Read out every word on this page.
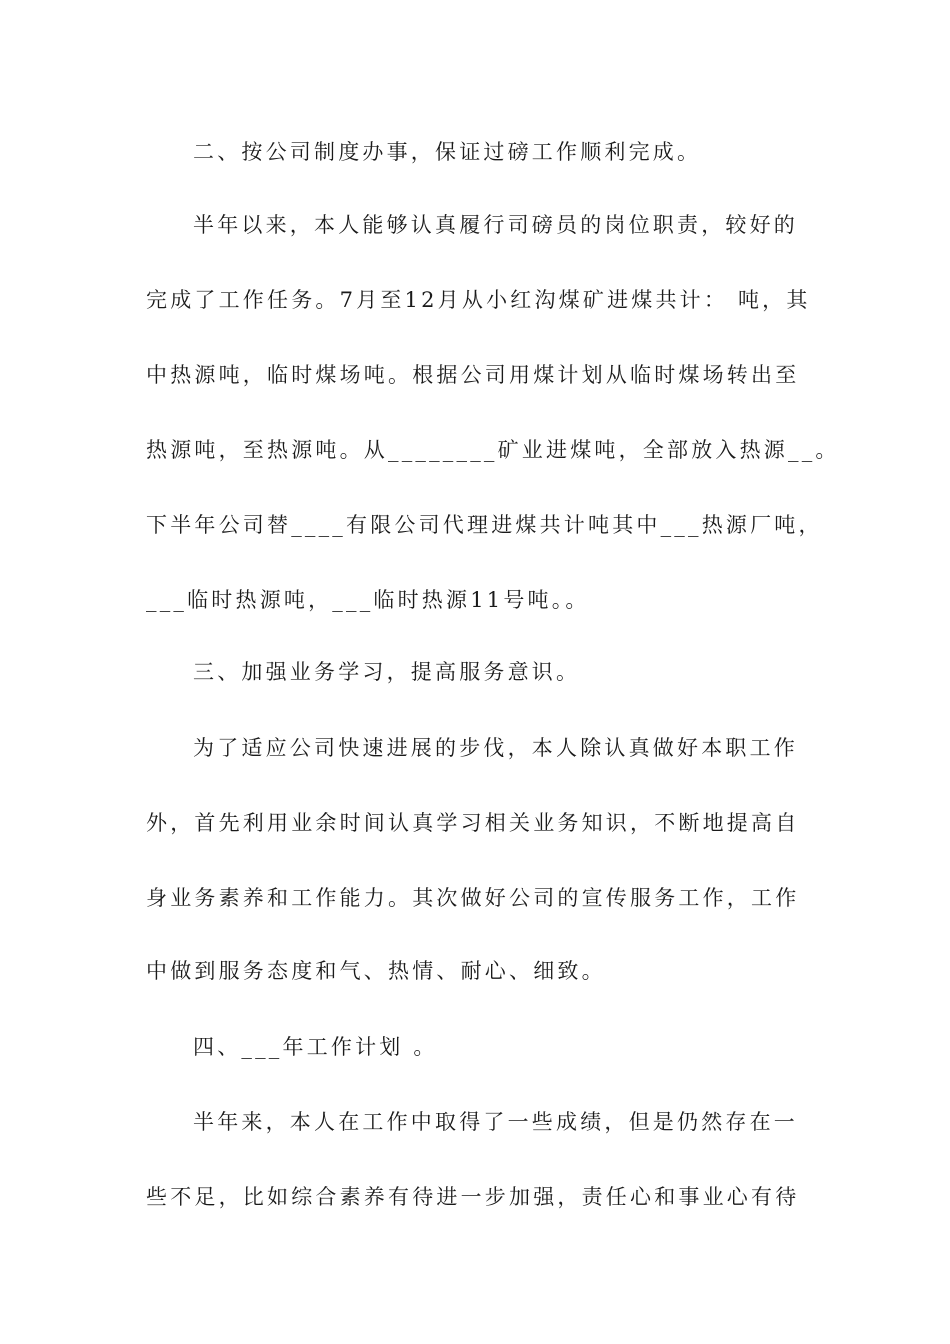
二、按公司制度办事，保证过磅工作顺利完成。
半年以来，本人能够认真履行司磅员的岗位职责，较好的
完成了工作任务。7月至12月从小红沟煤矿进煤共计： 吨，其
中热源吨，临时煤场吨。根据公司用煤计划从临时煤场转出至
热源吨，至热源吨。从________矿业进煤吨，全部放入热源__。
下半年公司替____有限公司代理进煤共计吨其中___热源厂吨，
___临时热源吨，___临时热源11号吨。。
三、加强业务学习，提高服务意识。
为了适应公司快速进展的步伐，本人除认真做好本职工作
外，首先利用业余时间认真学习相关业务知识，不断地提高自
身业务素养和工作能力。其次做好公司的宣传服务工作，工作
中做到服务态度和气、热情、耐心、细致。
四、___年工作计划 。
半年来，本人在工作中取得了一些成绩，但是仍然存在一
些不足，比如综合素养有待进一步加强，责任心和事业心有待
